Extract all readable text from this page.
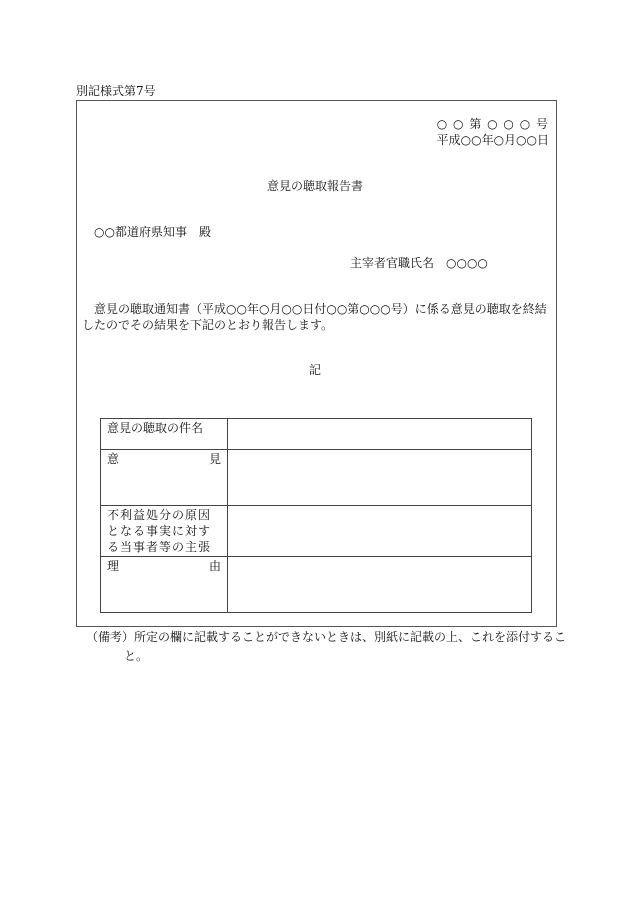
別記様式第7号
○ ○ 第 ○ ○ ○ 号
平成○○年○月○○日
意見の聴取報告書
○○都道府県知事　殿
主宰者官職氏名　○○○○
意見の聴取通知書（平成○○年○月○○日付○○第○○○号）に係る意見の聴取を終結
したのでその結果を下記のとおり報告します。
記
意見の聴取の件名	

意 見	

不利益処分の原因となる事実に対する当事者等の主張	

理 由	

（備考）所定の欄に記載することができないときは、別紙に記載の上、これを添付するこ
と。
